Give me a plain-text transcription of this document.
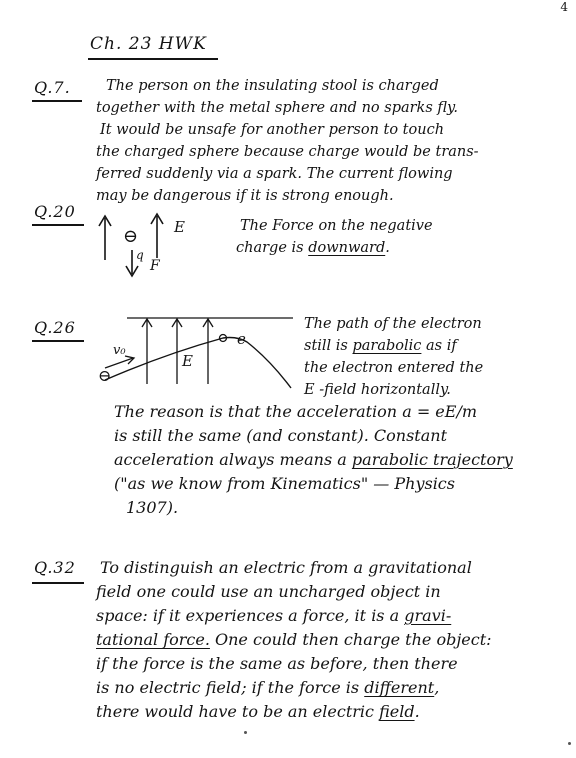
4
Ch. 23 HWK
Q.7. The person on the insulating stool is charged
together with the metal sphere and no sparks fly.
It would be unsafe for another person to touch
the charged sphere because charge would be trans-
ferred suddenly via a spark. The current flowing
may be dangerous if it is strong enough.
Q.20
E
⊖
q
F
The Force on the negative
charge is downward.
Q.26
v₀
E
e
⊖
The path of the electron
still is parabolic as if
the electron entered the
E -field horizontally.
The reason is that the acceleration a = eE/m
is still the same (and constant). Constant
acceleration always means a parabolic trajectory
("as we know from Kinematics" — Physics
1307).
Q.32 To distinguish an electric from a gravitational
field one could use an uncharged object in
space: if it experiences a force, it is a gravi-
tational force. One could then charge the object:
if the force is the same as before, then there
is no electric field; if the force is different,
there would have to be an electric field.
